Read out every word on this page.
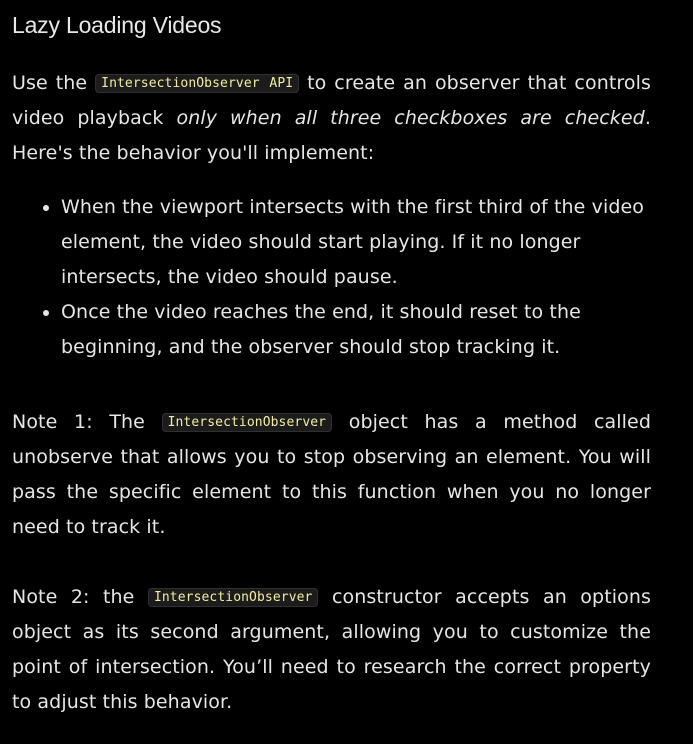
Lazy Loading Videos

Use the IntersectionObserver API to create an observer that controls video playback only when all three checkboxes are checked. Here's the behavior you'll implement:

• When the viewport intersects with the first third of the video element, the video should start playing. If it no longer intersects, the video should pause.
• Once the video reaches the end, it should reset to the beginning, and the observer should stop tracking it.

Note 1: The IntersectionObserver object has a method called unobserve that allows you to stop observing an element. You will pass the specific element to this function when you no longer need to track it.

Note 2: the IntersectionObserver constructor accepts an options object as its second argument, allowing you to customize the point of intersection. You’ll need to research the correct property to adjust this behavior.
